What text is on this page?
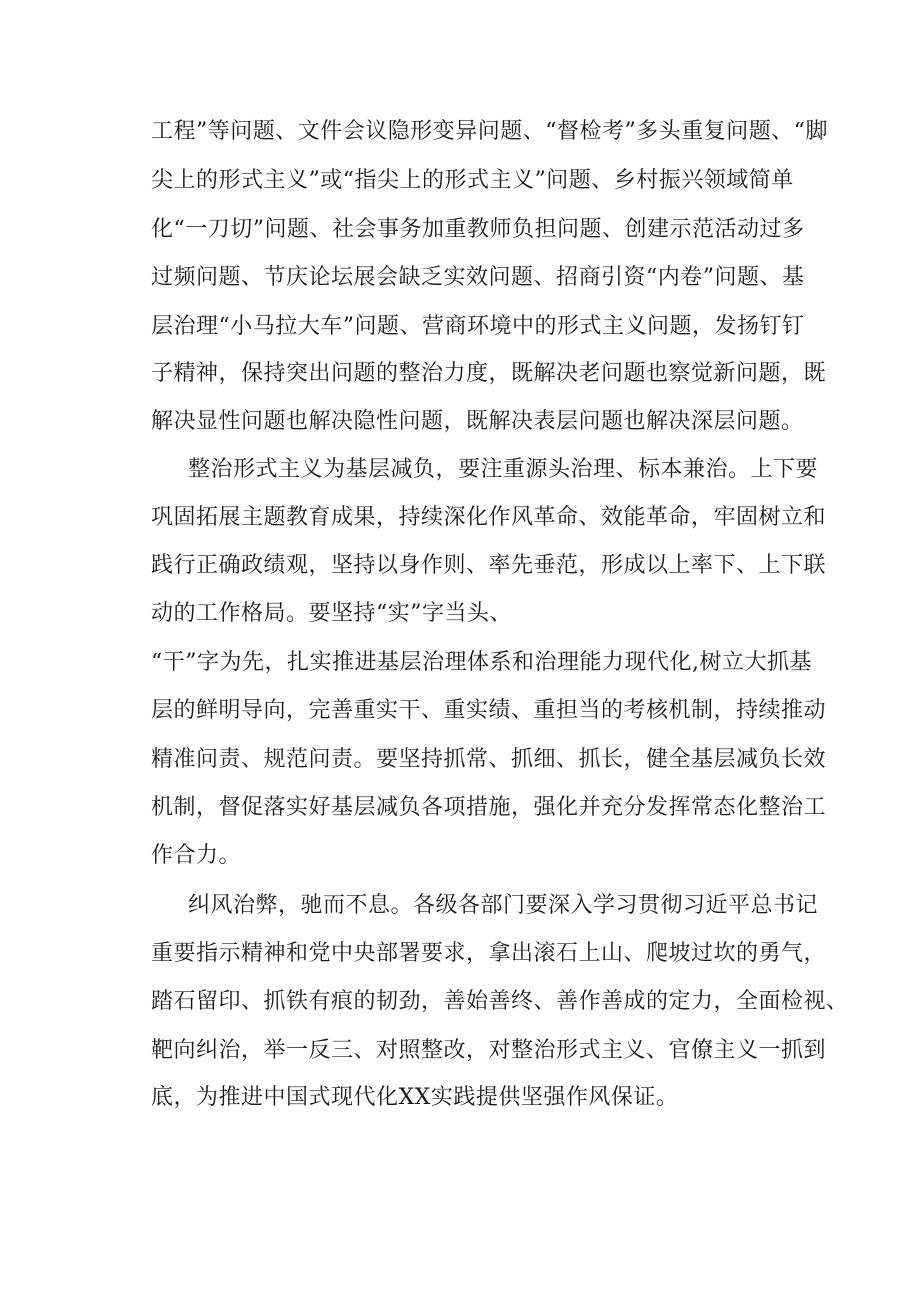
工程”等问题、文件会议隐形变异问题、“督检考”多头重复问题、“脚
尖上的形式主义”或“指尖上的形式主义”问题、乡村振兴领域简单
化“一刀切”问题、社会事务加重教师负担问题、创建示范活动过多
过频问题、节庆论坛展会缺乏实效问题、招商引资“内卷”问题、基
层治理“小马拉大车”问题、营商环境中的形式主义问题，发扬钉钉
子精神，保持突出问题的整治力度，既解决老问题也察觉新问题，既
解决显性问题也解决隐性问题，既解决表层问题也解决深层问题。
整治形式主义为基层减负，要注重源头治理、标本兼治。上下要
巩固拓展主题教育成果，持续深化作风革命、效能革命，牢固树立和
践行正确政绩观，坚持以身作则、率先垂范，形成以上率下、上下联
动的工作格局。要坚持“实”字当头、
“干”字为先，扎实推进基层治理体系和治理能力现代化,树立大抓基
层的鲜明导向，完善重实干、重实绩、重担当的考核机制，持续推动
精准问责、规范问责。要坚持抓常、抓细、抓长，健全基层减负长效
机制，督促落实好基层减负各项措施，强化并充分发挥常态化整治工
作合力。
纠风治弊，驰而不息。各级各部门要深入学习贯彻习近平总书记
重要指示精神和党中央部署要求，拿出滚石上山、爬坡过坎的勇气，
踏石留印、抓铁有痕的韧劲，善始善终、善作善成的定力，全面检视、
靶向纠治，举一反三、对照整改，对整治形式主义、官僚主义一抓到
底，为推进中国式现代化XX实践提供坚强作风保证。
